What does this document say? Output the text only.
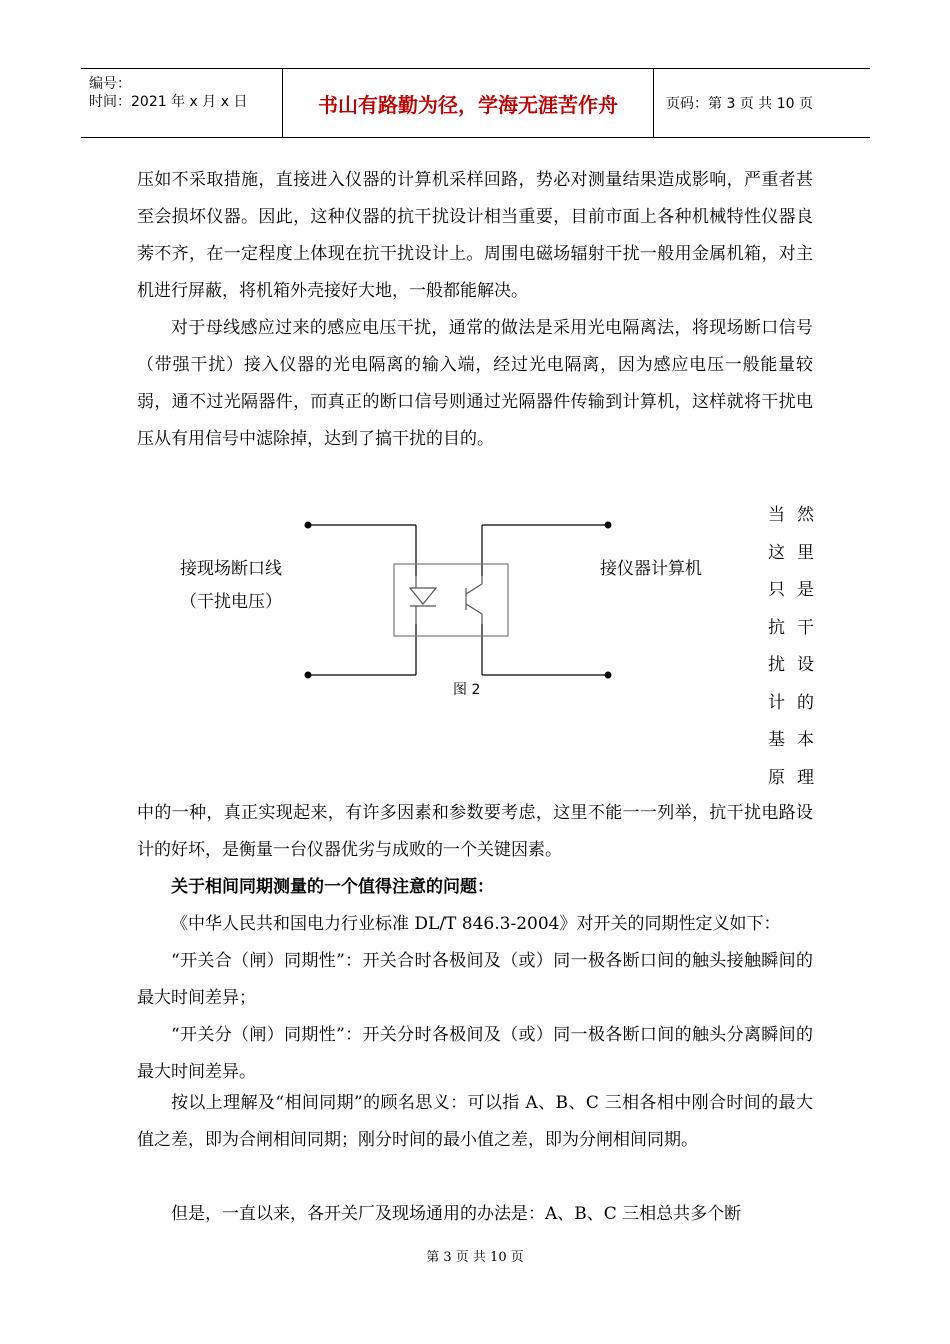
编号：
时间：2021 年 x 月 x 日	书山有路勤为径，学海无涯苦作舟	页码：第 3 页 共 10 页
压如不采取措施，直接进入仪器的计算机采样回路，势必对测量结果造成影响，严重者甚至会损坏仪器。因此，这种仪器的抗干扰设计相当重要，目前市面上各种机械特性仪器良莠不齐，在一定程度上体现在抗干扰设计上。周围电磁场辐射干扰一般用金属机箱，对主机进行屏蔽，将机箱外壳接好大地，一般都能解决。
对于母线感应过来的感应电压干扰，通常的做法是采用光电隔离法，将现场断口信号（带强干扰）接入仪器的光电隔离的输入端，经过光电隔离，因为感应电压一般能量较弱，通不过光隔器件，而真正的断口信号则通过光隔器件传输到计算机，这样就将干扰电压从有用信号中滤除掉，达到了搞干扰的目的。
接现场断口线
（干扰电压）
接仪器计算机
图 2
当 然
这 里
只 是
抗 干
扰 设
计 的
基 本
原 理
中的一种，真正实现起来，有许多因素和参数要考虑，这里不能一一列举，抗干扰电路设计的好坏，是衡量一台仪器优劣与成败的一个关键因素。
关于相间同期测量的一个值得注意的问题：
《中华人民共和国电力行业标准 DL/T 846.3-2004》对开关的同期性定义如下：
“开关合（闸）同期性”：开关合时各极间及（或）同一极各断口间的触头接触瞬间的最大时间差异；
“开关分（闸）同期性”：开关分时各极间及（或）同一极各断口间的触头分离瞬间的最大时间差异。
按以上理解及“相间同期”的顾名思义：可以指 A、B、C 三相各相中刚合时间的最大值之差，即为合闸相间同期；刚分时间的最小值之差，即为分闸相间同期。
但是，一直以来，各开关厂及现场通用的办法是：A、B、C 三相总共多个断
第 3 页 共 10 页
